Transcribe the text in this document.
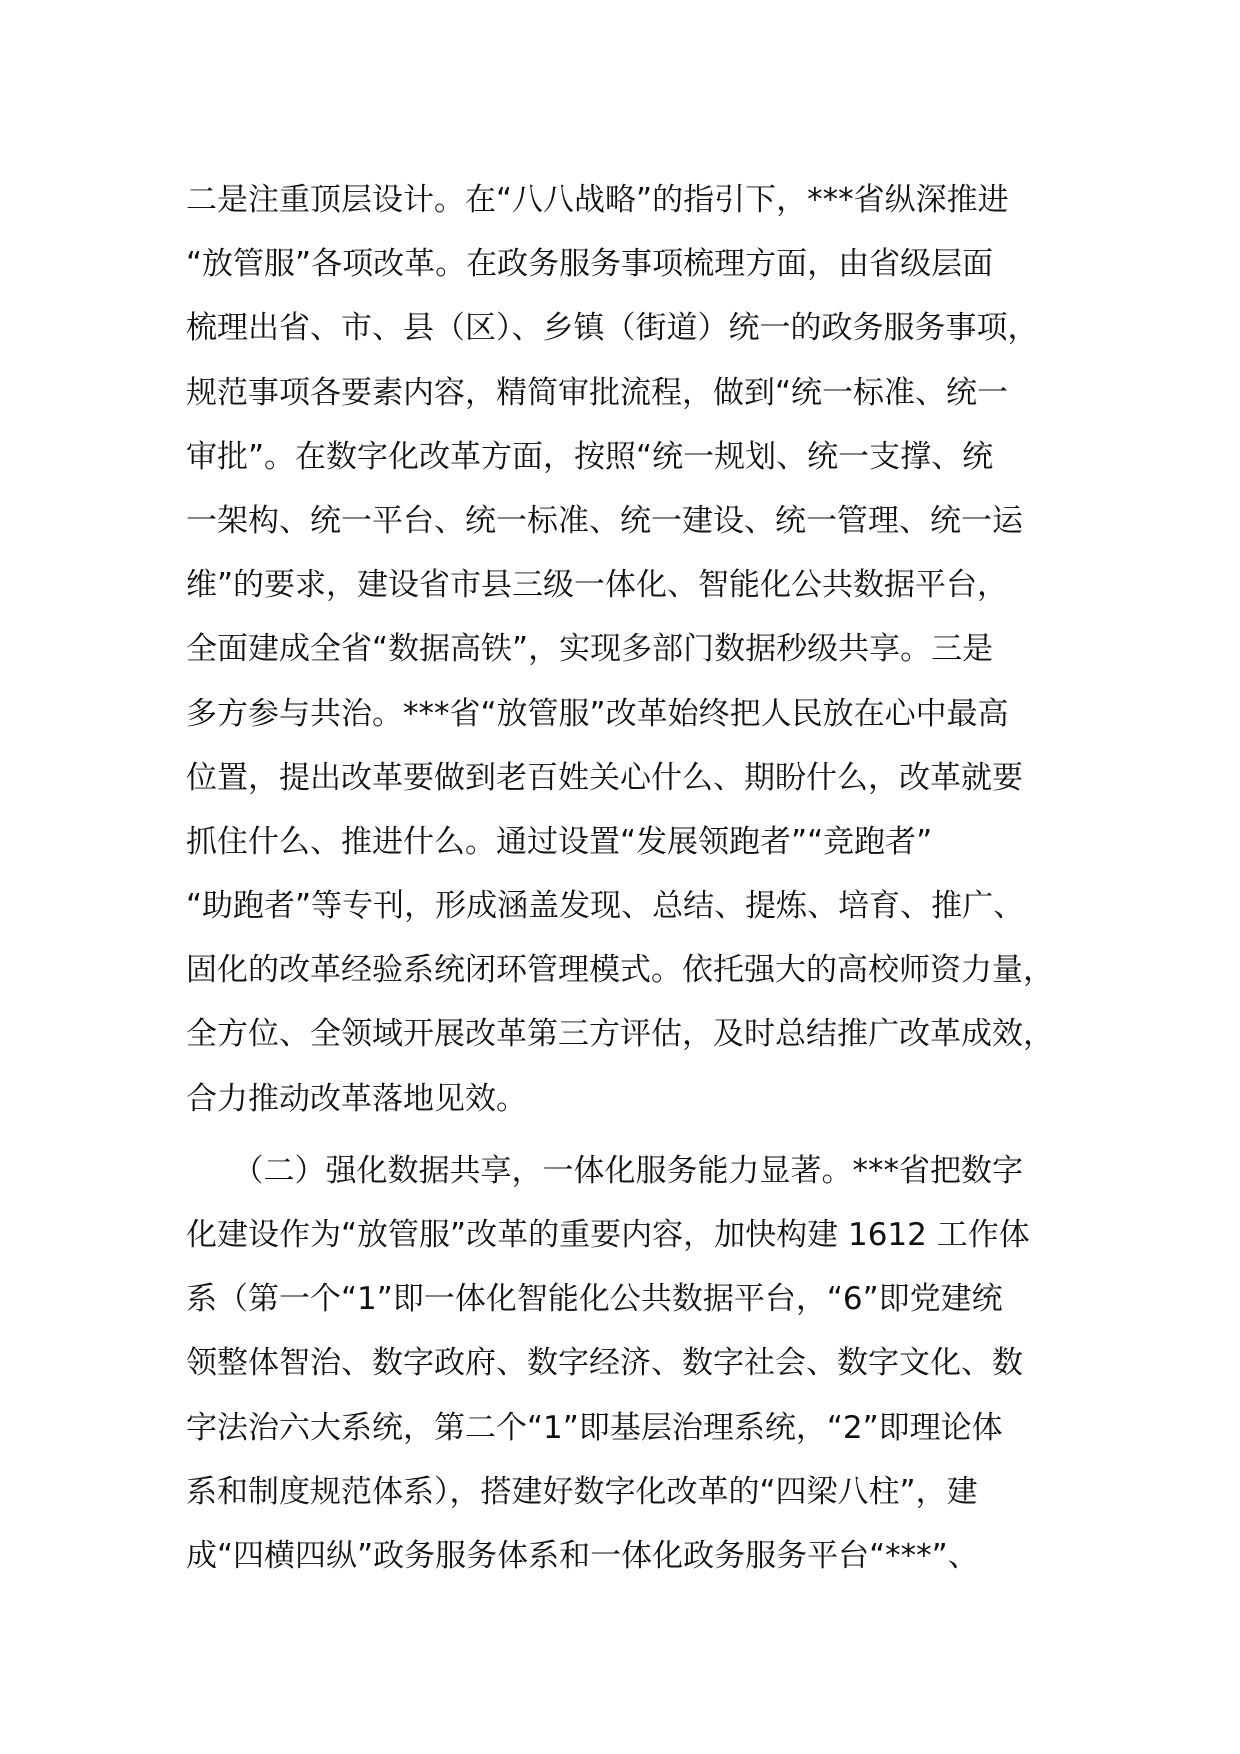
二是注重顶层设计。在“八八战略”的指引下，***省纵深推进
“放管服”各项改革。在政务服务事项梳理方面，由省级层面
梳理出省、市、县（区）、乡镇（街道）统一的政务服务事项，
规范事项各要素内容，精简审批流程，做到“统一标准、统一
审批”。在数字化改革方面，按照“统一规划、统一支撑、统
一架构、统一平台、统一标准、统一建设、统一管理、统一运
维”的要求，建设省市县三级一体化、智能化公共数据平台，
全面建成全省“数据高铁”，实现多部门数据秒级共享。三是
多方参与共治。***省“放管服”改革始终把人民放在心中最高
位置，提出改革要做到老百姓关心什么、期盼什么，改革就要
抓住什么、推进什么。通过设置“发展领跑者”“竞跑者”
“助跑者”等专刊，形成涵盖发现、总结、提炼、培育、推广、
固化的改革经验系统闭环管理模式。依托强大的高校师资力量，
全方位、全领域开展改革第三方评估，及时总结推广改革成效，
合力推动改革落地见效。
　　（二）强化数据共享，一体化服务能力显著。***省把数字
化建设作为“放管服”改革的重要内容，加快构建 1612 工作体
系（第一个“1”即一体化智能化公共数据平台，“6”即党建统
领整体智治、数字政府、数字经济、数字社会、数字文化、数
字法治六大系统，第二个“1”即基层治理系统，“2”即理论体
系和制度规范体系），搭建好数字化改革的“四梁八柱”，建
成“四横四纵”政务服务体系和一体化政务服务平台“***”、
